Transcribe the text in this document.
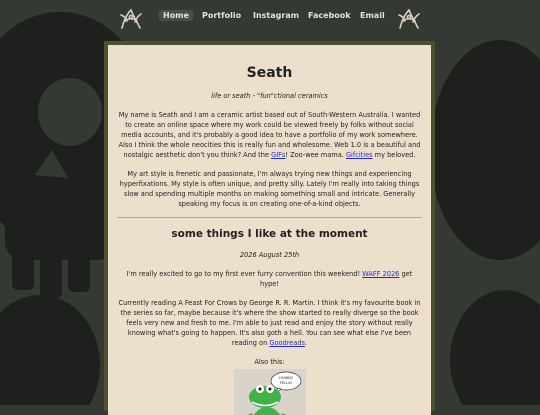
Home	Portfolio Instagram Facebook Email
Seath
life or seath - "fun"ctional ceramics

My name is Seath and I am a ceramic artist based out of South-Western Australia. I wanted to create an online space where my work could be viewed freely by folks without social media accounts, and it's probably a good idea to have a portfolio of my work somewhere. Also I think the whole neocities this is really fun and wholesome. Web 1.0 is a beautiful and nostalgic aesthetic don't you think? And the GIFs! Zoo-wee mama. Gifcities my beloved.

My art style is frenetic and passionate, I'm always trying new things and experiencing hyperfixations. My style is often unique, and pretty silly. Lately I'm really into taking things slow and spending multiple months on making something small and intricate. Generally speaking my focus is on creating one-of-a-kind objects.

some things I like at the moment
2026 August 25th

I'm really excited to go to my first ever furry convention this weekend! WAFF 2026 get hype!

Currently reading A Feast For Crows by George R. R. Martin. I think it's my favourite book in the series so far, maybe because it's where the show started to really diverge so the book feels very new and fresh to me. I'm able to just read and enjoy the story without really knowing what's going to happen. It's also goth a hell. You can see what else I've been reading on Goodreads.

Also this:
HOWDY
FELLA!
